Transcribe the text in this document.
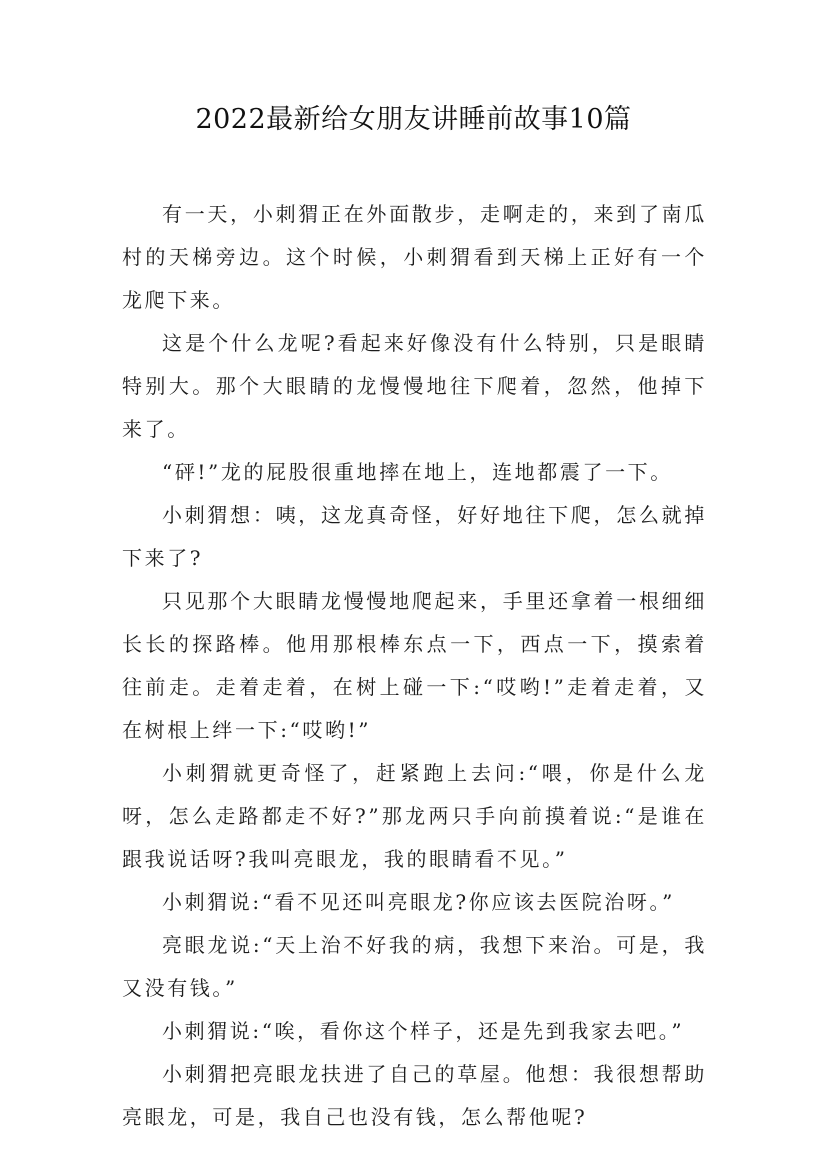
2022最新给女朋友讲睡前故事10篇

有一天，小刺猬正在外面散步，走啊走的，来到了南瓜村的天梯旁边。这个时候，小刺猬看到天梯上正好有一个龙爬下来。

这是个什么龙呢?看起来好像没有什么特别，只是眼睛特别大。那个大眼睛的龙慢慢地往下爬着，忽然，他掉下来了。

“砰!”龙的屁股很重地摔在地上，连地都震了一下。

小刺猬想：咦，这龙真奇怪，好好地往下爬，怎么就掉下来了?

只见那个大眼睛龙慢慢地爬起来，手里还拿着一根细细长长的探路棒。他用那根棒东点一下，西点一下，摸索着往前走。走着走着，在树上碰一下:“哎哟!”走着走着，又在树根上绊一下:“哎哟!”

小刺猬就更奇怪了，赶紧跑上去问:“喂，你是什么龙呀，怎么走路都走不好?”那龙两只手向前摸着说:“是谁在跟我说话呀?我叫亮眼龙，我的眼睛看不见。”

小刺猬说:“看不见还叫亮眼龙?你应该去医院治呀。”

亮眼龙说:“天上治不好我的病，我想下来治。可是，我又没有钱。”

小刺猬说:“唉，看你这个样子，还是先到我家去吧。”

小刺猬把亮眼龙扶进了自己的草屋。他想：我很想帮助亮眼龙，可是，我自己也没有钱，怎么帮他呢?
